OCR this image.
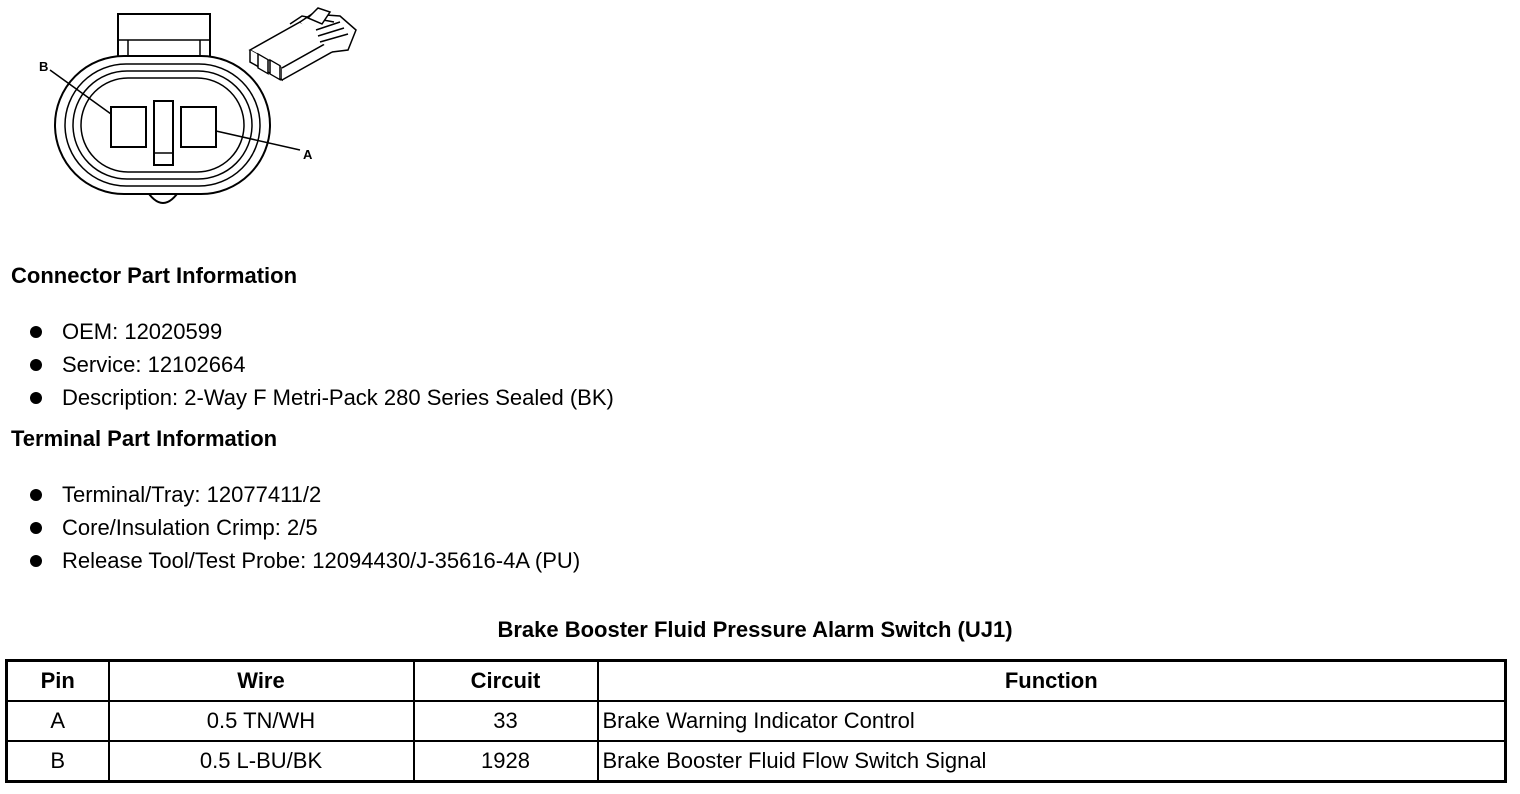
B
A
Connector Part Information
OEM: 12020599
Service: 12102664
Description: 2-Way F Metri-Pack 280 Series Sealed (BK)
Terminal Part Information
Terminal/Tray: 12077411/2
Core/Insulation Crimp: 2/5
Release Tool/Test Probe: 12094430/J-35616-4A (PU)
Brake Booster Fluid Pressure Alarm Switch (UJ1)
Pin	Wire	Circuit	Function
A	0.5 TN/WH	33	Brake Warning Indicator Control
B	0.5 L-BU/BK	1928	Brake Booster Fluid Flow Switch Signal
